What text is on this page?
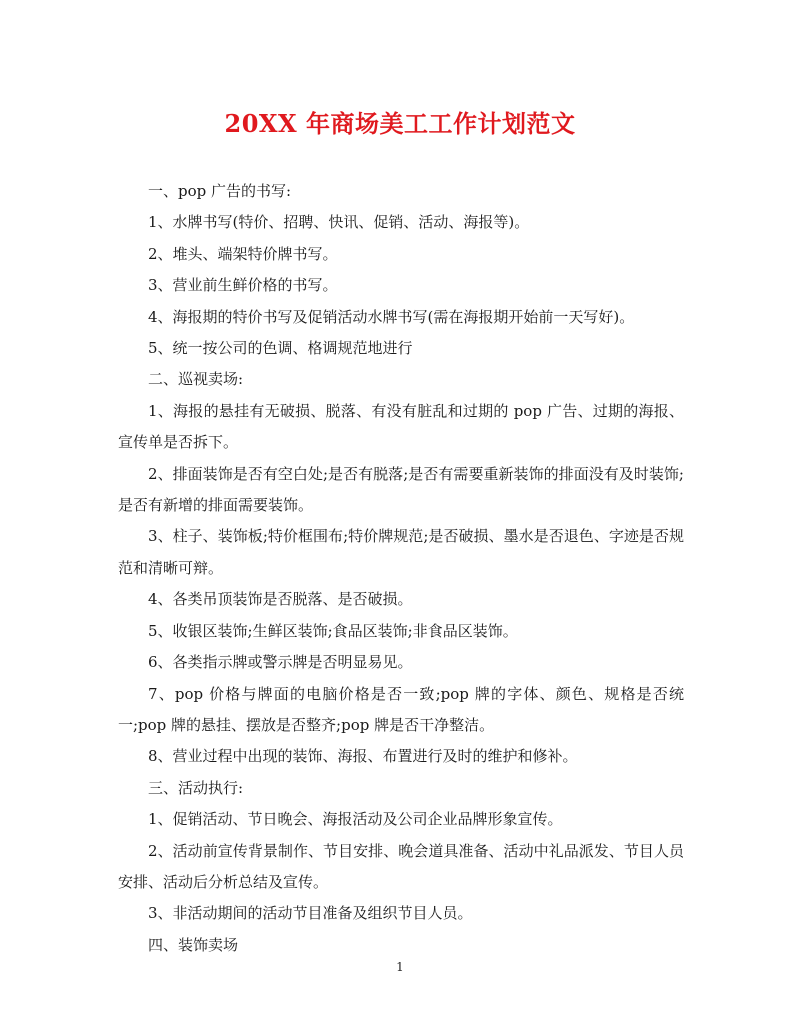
20XX 年商场美工工作计划范文

一、pop 广告的书写:

1、水牌书写(特价、招聘、快讯、促销、活动、海报等)。

2、堆头、端架特价牌书写。

3、营业前生鲜价格的书写。

4、海报期的特价书写及促销活动水牌书写(需在海报期开始前一天写好)。

5、统一按公司的色调、格调规范地进行

二、巡视卖场:

1、海报的悬挂有无破损、脱落、有没有脏乱和过期的 pop 广告、过期的海报、宣传单是否拆下。

2、排面装饰是否有空白处;是否有脱落;是否有需要重新装饰的排面没有及时装饰;是否有新增的排面需要装饰。

3、柱子、装饰板;特价框围布;特价牌规范;是否破损、墨水是否退色、字迹是否规范和清晰可辩。

4、各类吊顶装饰是否脱落、是否破损。

5、收银区装饰;生鲜区装饰;食品区装饰;非食品区装饰。

6、各类指示牌或警示牌是否明显易见。

7、pop 价格与牌面的电脑价格是否一致;pop 牌的字体、颜色、规格是否统一;pop 牌的悬挂、摆放是否整齐;pop 牌是否干净整洁。

8、营业过程中出现的装饰、海报、布置进行及时的维护和修补。

三、活动执行:

1、促销活动、节日晚会、海报活动及公司企业品牌形象宣传。

2、活动前宣传背景制作、节目安排、晚会道具准备、活动中礼品派发、节目人员安排、活动后分析总结及宣传。

3、非活动期间的活动节目准备及组织节目人员。

四、装饰卖场

1
